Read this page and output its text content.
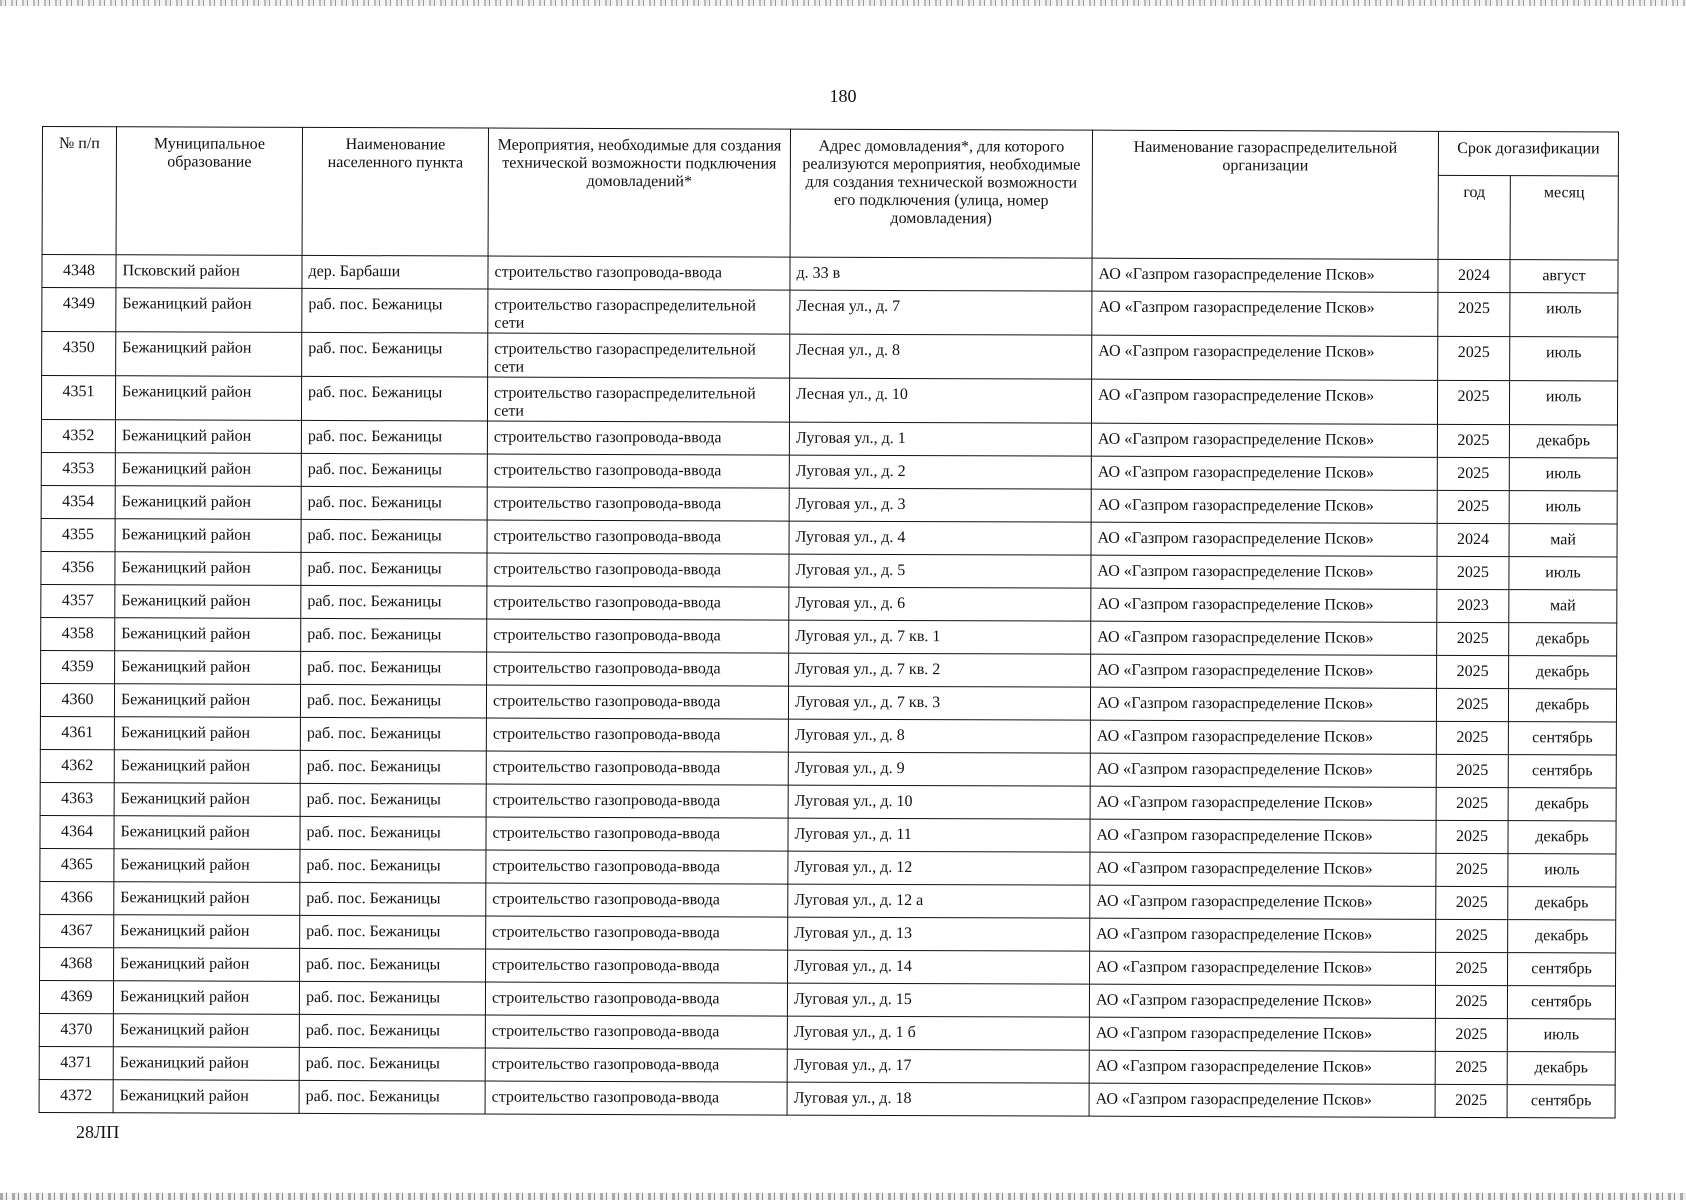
180
№ п/п	Муниципальное образование	Наименование населенного пункта	Мероприятия, необходимые для создания технической возможности подключения домовладений*	Адрес домовладения*, для которого реализуются мероприятия, необходимые для создания технической возможности его подключения (улица, номер домовладения)	Наименование газораспределительной организации	Срок догазификации	
						год	месяц
4348	Псковский район	дер. Барбаши	строительство газопровода-ввода	д. 33 в	АО «Газпром газораспределение Псков»	2024	август
4349	Бежаницкий район	раб. пос. Бежаницы	строительство газораспределительной сети	Лесная ул., д. 7	АО «Газпром газораспределение Псков»	2025	июль
4350	Бежаницкий район	раб. пос. Бежаницы	строительство газораспределительной сети	Лесная ул., д. 8	АО «Газпром газораспределение Псков»	2025	июль
4351	Бежаницкий район	раб. пос. Бежаницы	строительство газораспределительной сети	Лесная ул., д. 10	АО «Газпром газораспределение Псков»	2025	июль
4352	Бежаницкий район	раб. пос. Бежаницы	строительство газопровода-ввода	Луговая ул., д. 1	АО «Газпром газораспределение Псков»	2025	декабрь
4353	Бежаницкий район	раб. пос. Бежаницы	строительство газопровода-ввода	Луговая ул., д. 2	АО «Газпром газораспределение Псков»	2025	июль
4354	Бежаницкий район	раб. пос. Бежаницы	строительство газопровода-ввода	Луговая ул., д. 3	АО «Газпром газораспределение Псков»	2025	июль
4355	Бежаницкий район	раб. пос. Бежаницы	строительство газопровода-ввода	Луговая ул., д. 4	АО «Газпром газораспределение Псков»	2024	май
4356	Бежаницкий район	раб. пос. Бежаницы	строительство газопровода-ввода	Луговая ул., д. 5	АО «Газпром газораспределение Псков»	2025	июль
4357	Бежаницкий район	раб. пос. Бежаницы	строительство газопровода-ввода	Луговая ул., д. 6	АО «Газпром газораспределение Псков»	2023	май
4358	Бежаницкий район	раб. пос. Бежаницы	строительство газопровода-ввода	Луговая ул., д. 7 кв. 1	АО «Газпром газораспределение Псков»	2025	декабрь
4359	Бежаницкий район	раб. пос. Бежаницы	строительство газопровода-ввода	Луговая ул., д. 7 кв. 2	АО «Газпром газораспределение Псков»	2025	декабрь
4360	Бежаницкий район	раб. пос. Бежаницы	строительство газопровода-ввода	Луговая ул., д. 7 кв. 3	АО «Газпром газораспределение Псков»	2025	декабрь
4361	Бежаницкий район	раб. пос. Бежаницы	строительство газопровода-ввода	Луговая ул., д. 8	АО «Газпром газораспределение Псков»	2025	сентябрь
4362	Бежаницкий район	раб. пос. Бежаницы	строительство газопровода-ввода	Луговая ул., д. 9	АО «Газпром газораспределение Псков»	2025	сентябрь
4363	Бежаницкий район	раб. пос. Бежаницы	строительство газопровода-ввода	Луговая ул., д. 10	АО «Газпром газораспределение Псков»	2025	декабрь
4364	Бежаницкий район	раб. пос. Бежаницы	строительство газопровода-ввода	Луговая ул., д. 11	АО «Газпром газораспределение Псков»	2025	декабрь
4365	Бежаницкий район	раб. пос. Бежаницы	строительство газопровода-ввода	Луговая ул., д. 12	АО «Газпром газораспределение Псков»	2025	июль
4366	Бежаницкий район	раб. пос. Бежаницы	строительство газопровода-ввода	Луговая ул., д. 12 а	АО «Газпром газораспределение Псков»	2025	декабрь
4367	Бежаницкий район	раб. пос. Бежаницы	строительство газопровода-ввода	Луговая ул., д. 13	АО «Газпром газораспределение Псков»	2025	декабрь
4368	Бежаницкий район	раб. пос. Бежаницы	строительство газопровода-ввода	Луговая ул., д. 14	АО «Газпром газораспределение Псков»	2025	сентябрь
4369	Бежаницкий район	раб. пос. Бежаницы	строительство газопровода-ввода	Луговая ул., д. 15	АО «Газпром газораспределение Псков»	2025	сентябрь
4370	Бежаницкий район	раб. пос. Бежаницы	строительство газопровода-ввода	Луговая ул., д. 1 б	АО «Газпром газораспределение Псков»	2025	июль
4371	Бежаницкий район	раб. пос. Бежаницы	строительство газопровода-ввода	Луговая ул., д. 17	АО «Газпром газораспределение Псков»	2025	декабрь
4372	Бежаницкий район	раб. пос. Бежаницы	строительство газопровода-ввода	Луговая ул., д. 18	АО «Газпром газораспределение Псков»	2025	сентябрь
28ЛП
